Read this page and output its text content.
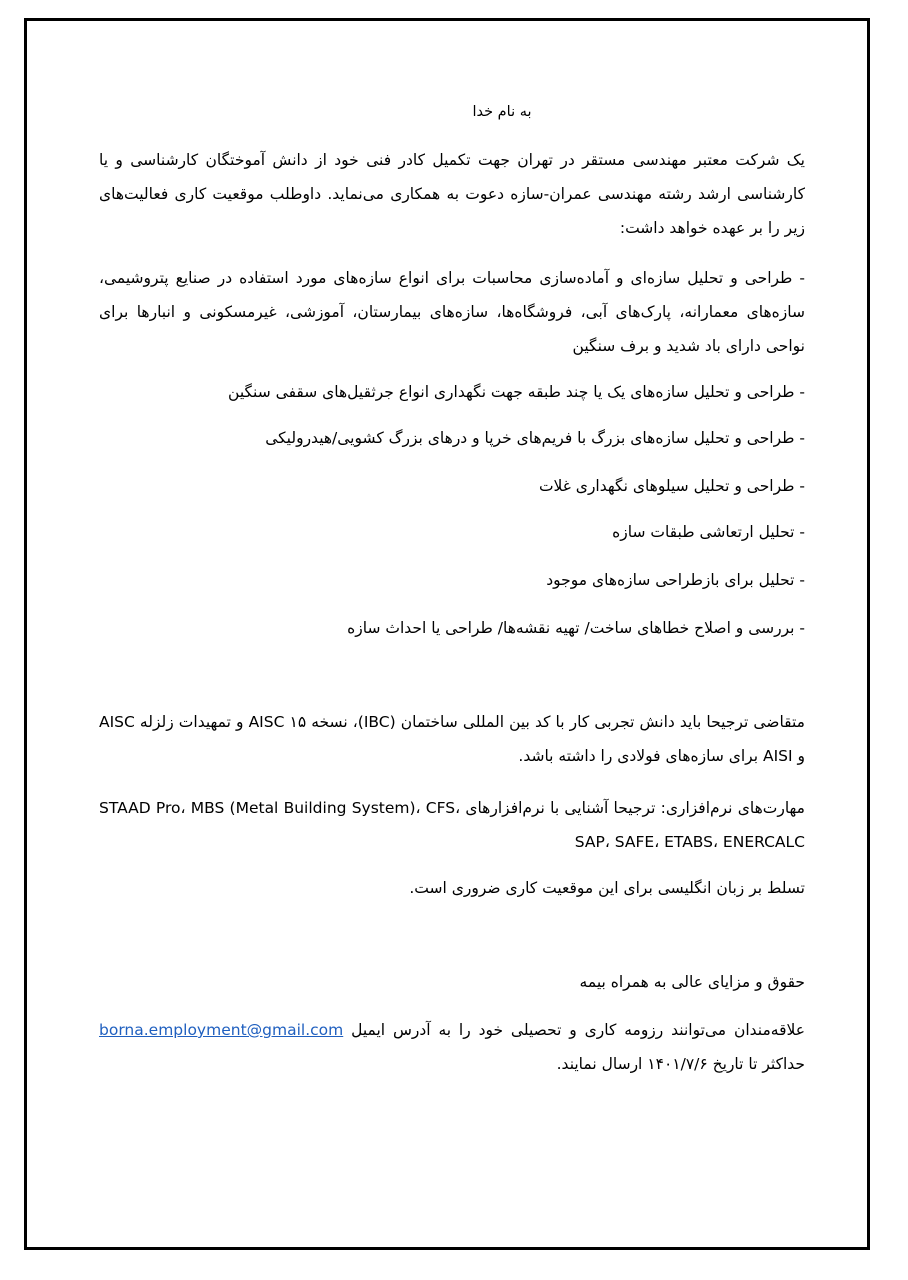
به نام خدا

یک شرکت معتبر مهندسی مستقر در تهران جهت تکمیل کادر فنی خود از دانش آموختگان کارشناسی و یا کارشناسی ارشد رشته مهندسی عمران-سازه دعوت به همکاری می‌نماید. داوطلب موقعیت کاری فعالیت‌های زیر را بر عهده خواهد داشت:
- طراحی و تحلیل سازه‌ای و آماده‌سازی محاسبات برای انواع سازه‌های مورد استفاده در صنایع پتروشیمی، سازه‌های معمارانه، پارک‌های آبی، فروشگاه‌ها، سازه‌های بیمارستان، آموزشی، غیرمسکونی و انبارها برای نواحی دارای باد شدید و برف سنگین
- طراحی و تحلیل سازه‌های یک یا چند طبقه جهت نگهداری انواع جرثقیل‌های سقفی سنگین
- طراحی و تحلیل سازه‌های بزرگ با فریم‌های خرپا و درهای بزرگ کشویی/هیدرولیکی
- طراحی و تحلیل سیلوهای نگهداری غلات
- تحلیل ارتعاشی طبقات سازه
- تحلیل برای بازطراحی سازه‌های موجود
- بررسی و اصلاح خطاهای ساخت/ تهیه نقشه‌ها/ طراحی یا احداث سازه
متقاضی ترجیحا باید دانش تجربی کار با کد بین المللی ساختمان (IBC)، نسخه ۱۵ AISC و تمهیدات زلزله AISC و AISI برای سازه‌های فولادی را داشته باشد.
مهارت‌های نرم‌افزاری: ترجیحا آشنایی با نرم‌افزارهای STAAD Pro، MBS (Metal Building System)، CFS، SAP، SAFE، ETABS، ENERCALC
تسلط بر زبان انگلیسی برای این موقعیت کاری ضروری است.
حقوق و مزایای عالی به همراه بیمه
علاقه‌مندان می‌توانند رزومه کاری و تحصیلی خود را به آدرس ایمیل borna.employment@gmail.com حداکثر تا تاریخ ۱۴۰۱/۷/۶ ارسال نمایند.
